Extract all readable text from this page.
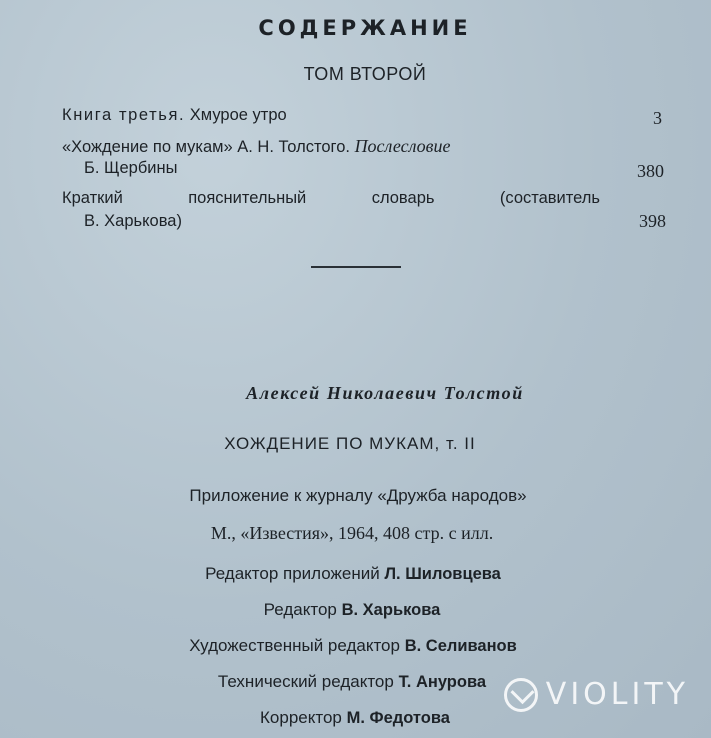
СОДЕРЖАНИЕ
ТОМ ВТОРОЙ
Книга третья. Хмурое утро	3
«Хождение по мукам» А. Н. Толстого. Послесловие
Б. Щербины	380
Краткий пояснительный словарь (составитель
В. Харькова)	398
Алексей Николаевич Толстой
ХОЖДЕНИЕ ПО МУКАМ, т. II
Приложение к журналу «Дружба народов»
М., «Известия», 1964, 408 стр. с илл.
Редактор приложений Л. Шиловцева
Редактор В. Харькова
Художественный редактор В. Селиванов
Технический редактор Т. Анурова
Корректор М. Федотова
VIOLITY
